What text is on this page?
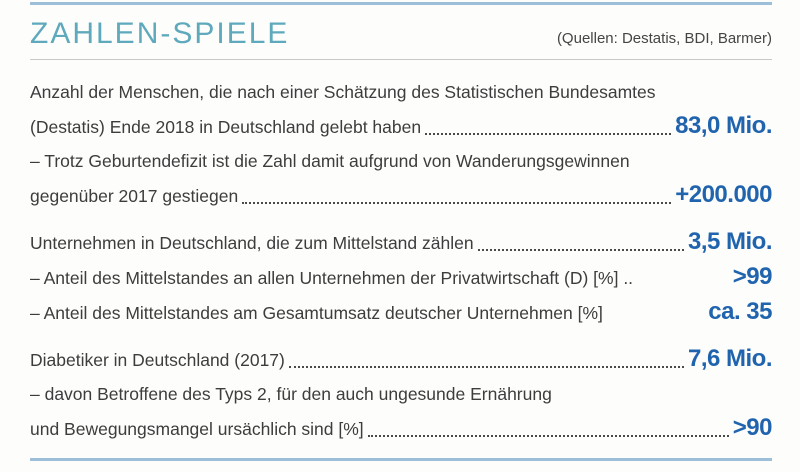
ZAHLEN-SPIELE	(Quellen: Destatis, BDI, Barmer)
Anzahl der Menschen, die nach einer Schätzung des Statistischen Bundesamtes
(Destatis) Ende 2018 in Deutschland gelebt haben	83,0 Mio.
– Trotz Geburtendefizit ist die Zahl damit aufgrund von Wanderungsgewinnen
gegenüber 2017 gestiegen	+200.000
Unternehmen in Deutschland, die zum Mittelstand zählen	3,5 Mio.
– Anteil des Mittelstandes an allen Unternehmen der Privatwirtschaft (D) [%] ..	>99
– Anteil des Mittelstandes am Gesamtumsatz deutscher Unternehmen [%]	ca. 35
Diabetiker in Deutschland (2017)	7,6 Mio.
– davon Betroffene des Typs 2, für den auch ungesunde Ernährung
und Bewegungsmangel ursächlich sind [%]	>90
